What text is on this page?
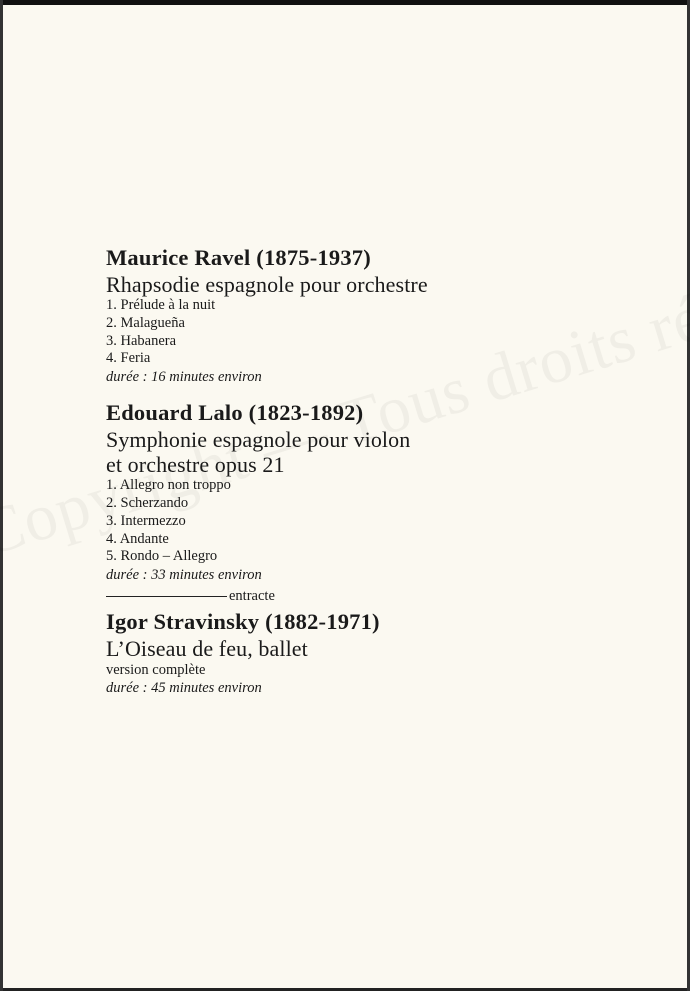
Maurice Ravel (1875-1937)

Rhapsodie espagnole pour orchestre

1. Prélude à la nuit
2. Malagueña
3. Habanera
4. Feria

durée : 16 minutes environ

Edouard Lalo (1823-1892)

Symphonie espagnole pour violon

et orchestre opus 21

1. Allegro non troppo
2. Scherzando
3. Intermezzo
4. Andante
5. Rondo – Allegro

durée : 33 minutes environ

entracte
Igor Stravinsky (1882-1971)

L’Oiseau de feu, ballet

version complète

durée : 45 minutes environ
